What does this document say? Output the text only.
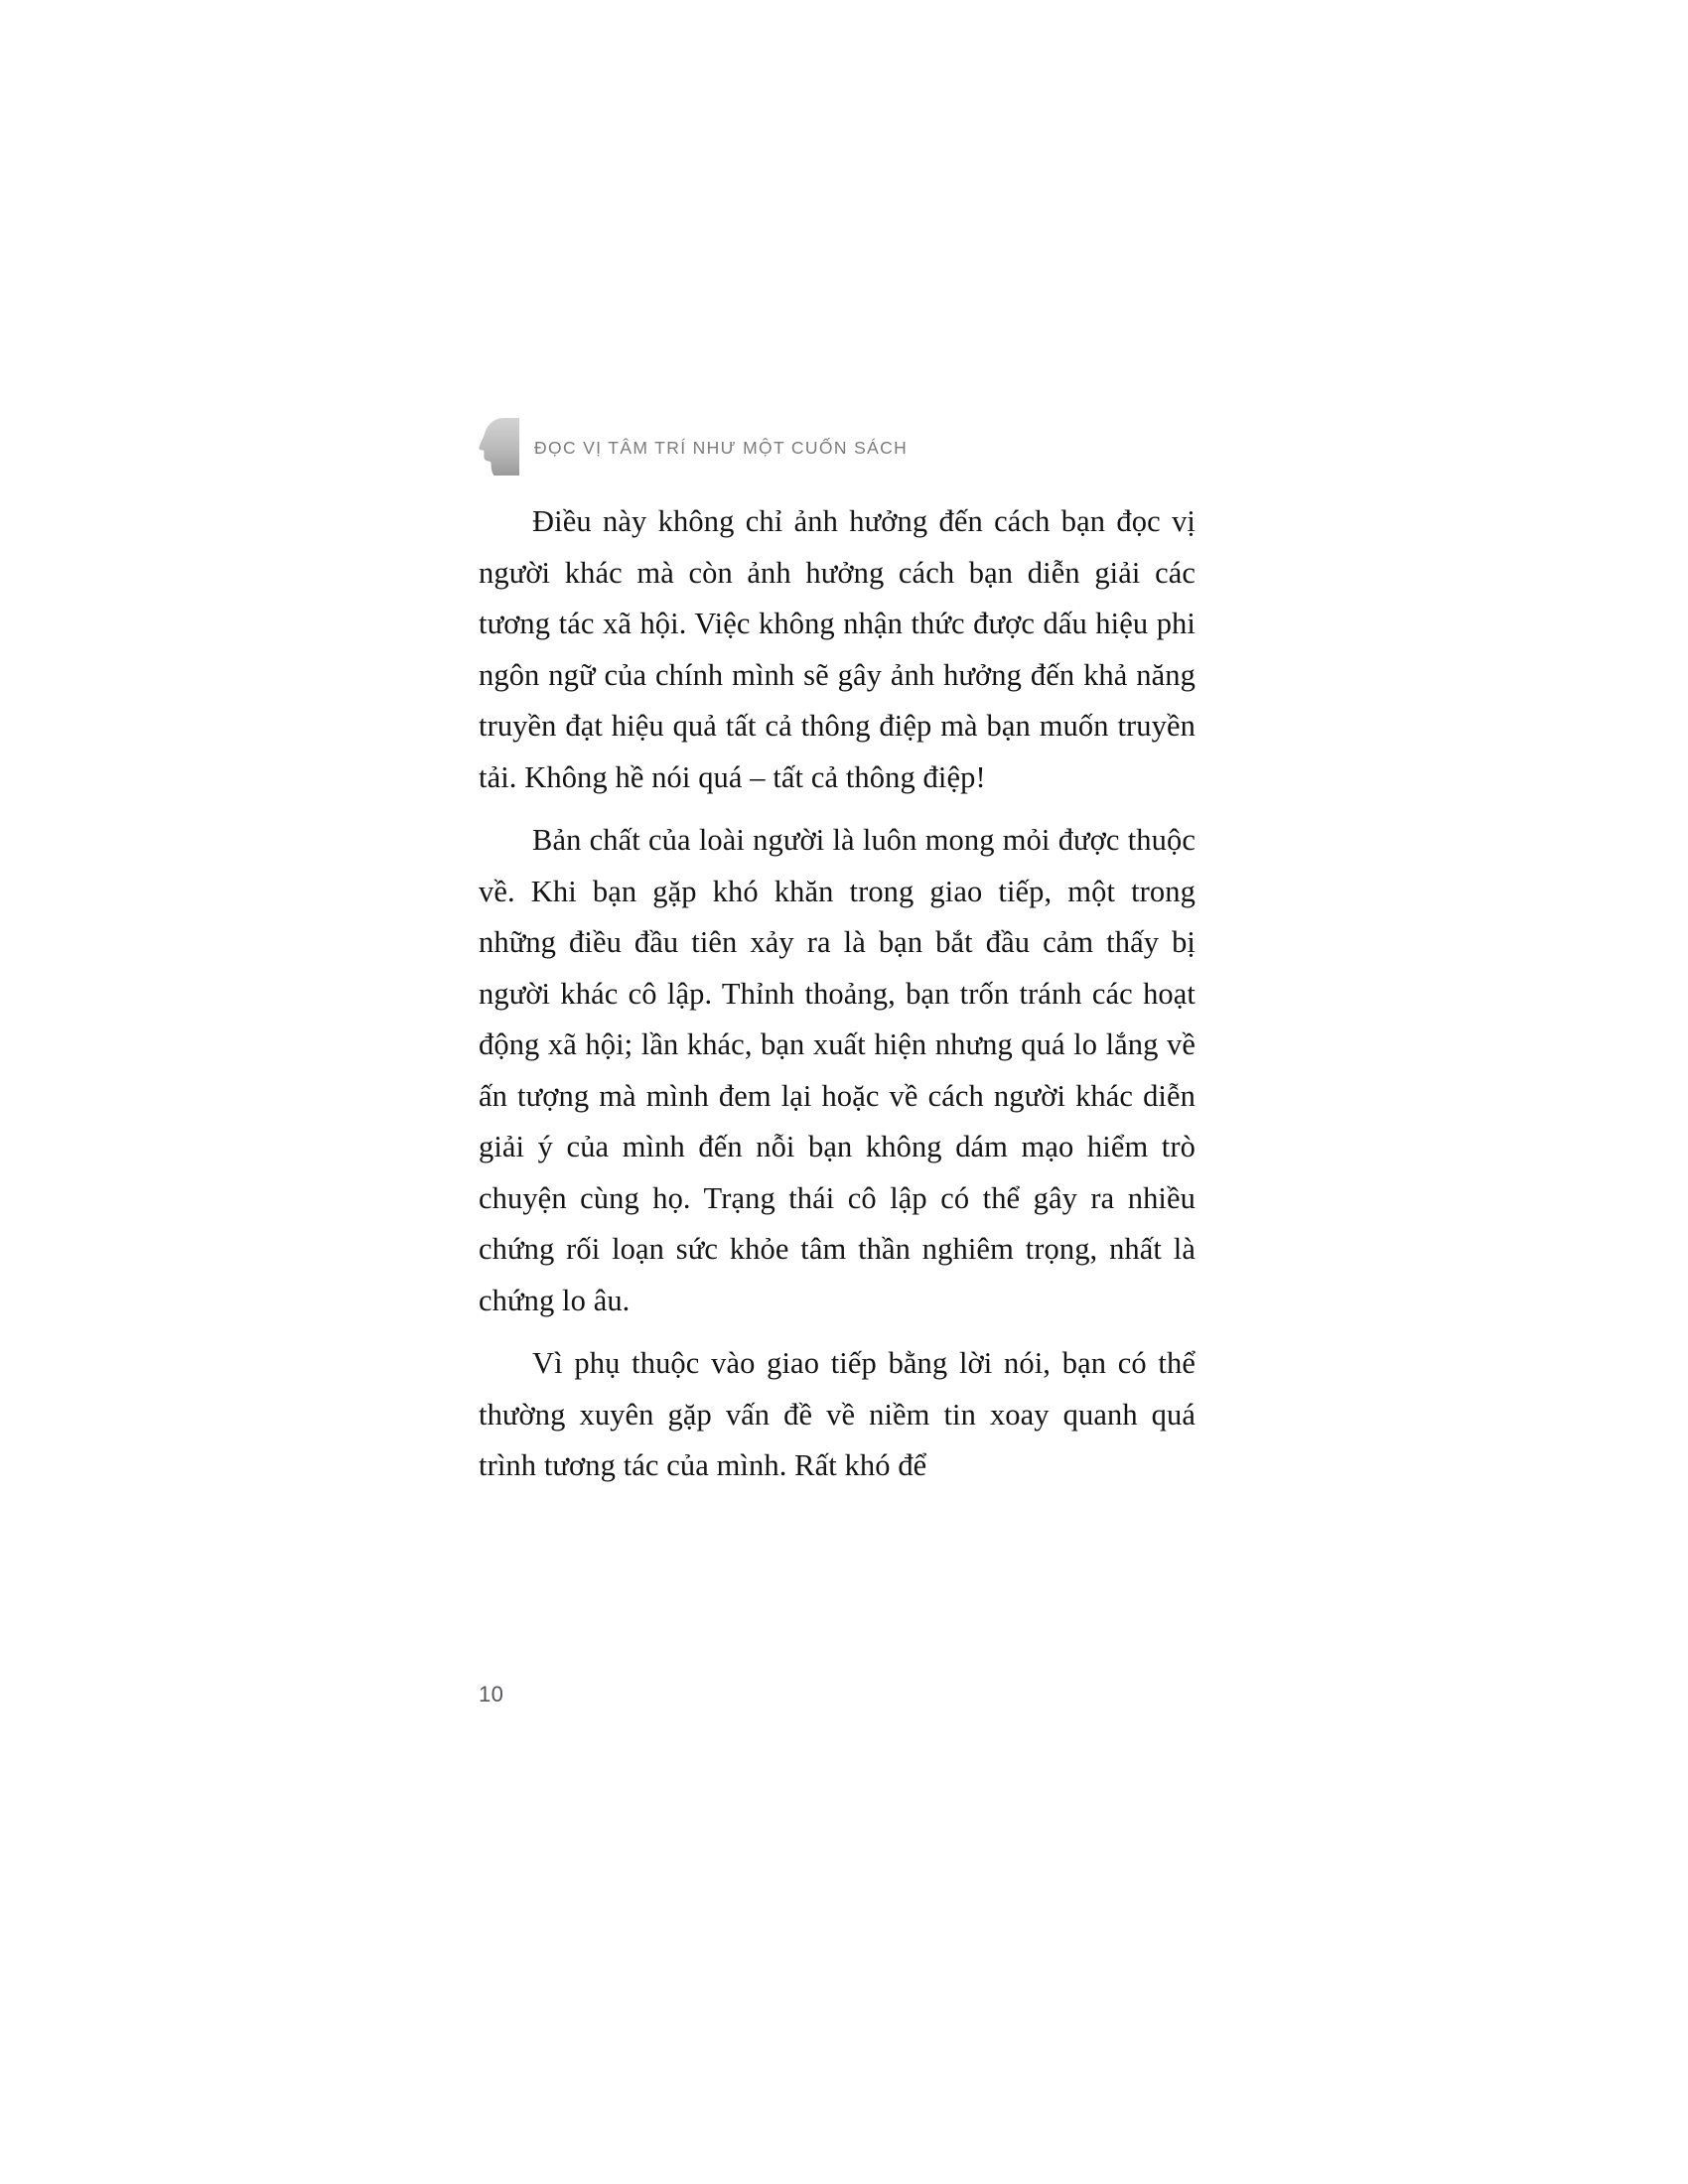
ĐỌC VỊ TÂM TRÍ NHƯ MỘT CUỐN SÁCH

Điều này không chỉ ảnh hưởng đến cách bạn đọc vị người khác mà còn ảnh hưởng cách bạn diễn giải các tương tác xã hội. Việc không nhận thức được dấu hiệu phi ngôn ngữ của chính mình sẽ gây ảnh hưởng đến khả năng truyền đạt hiệu quả tất cả thông điệp mà bạn muốn truyền tải. Không hề nói quá – tất cả thông điệp!

Bản chất của loài người là luôn mong mỏi được thuộc về. Khi bạn gặp khó khăn trong giao tiếp, một trong những điều đầu tiên xảy ra là bạn bắt đầu cảm thấy bị người khác cô lập. Thỉnh thoảng, bạn trốn tránh các hoạt động xã hội; lần khác, bạn xuất hiện nhưng quá lo lắng về ấn tượng mà mình đem lại hoặc về cách người khác diễn giải ý của mình đến nỗi bạn không dám mạo hiểm trò chuyện cùng họ. Trạng thái cô lập có thể gây ra nhiều chứng rối loạn sức khỏe tâm thần nghiêm trọng, nhất là chứng lo âu.

Vì phụ thuộc vào giao tiếp bằng lời nói, bạn có thể thường xuyên gặp vấn đề về niềm tin xoay quanh quá trình tương tác của mình. Rất khó để

10
